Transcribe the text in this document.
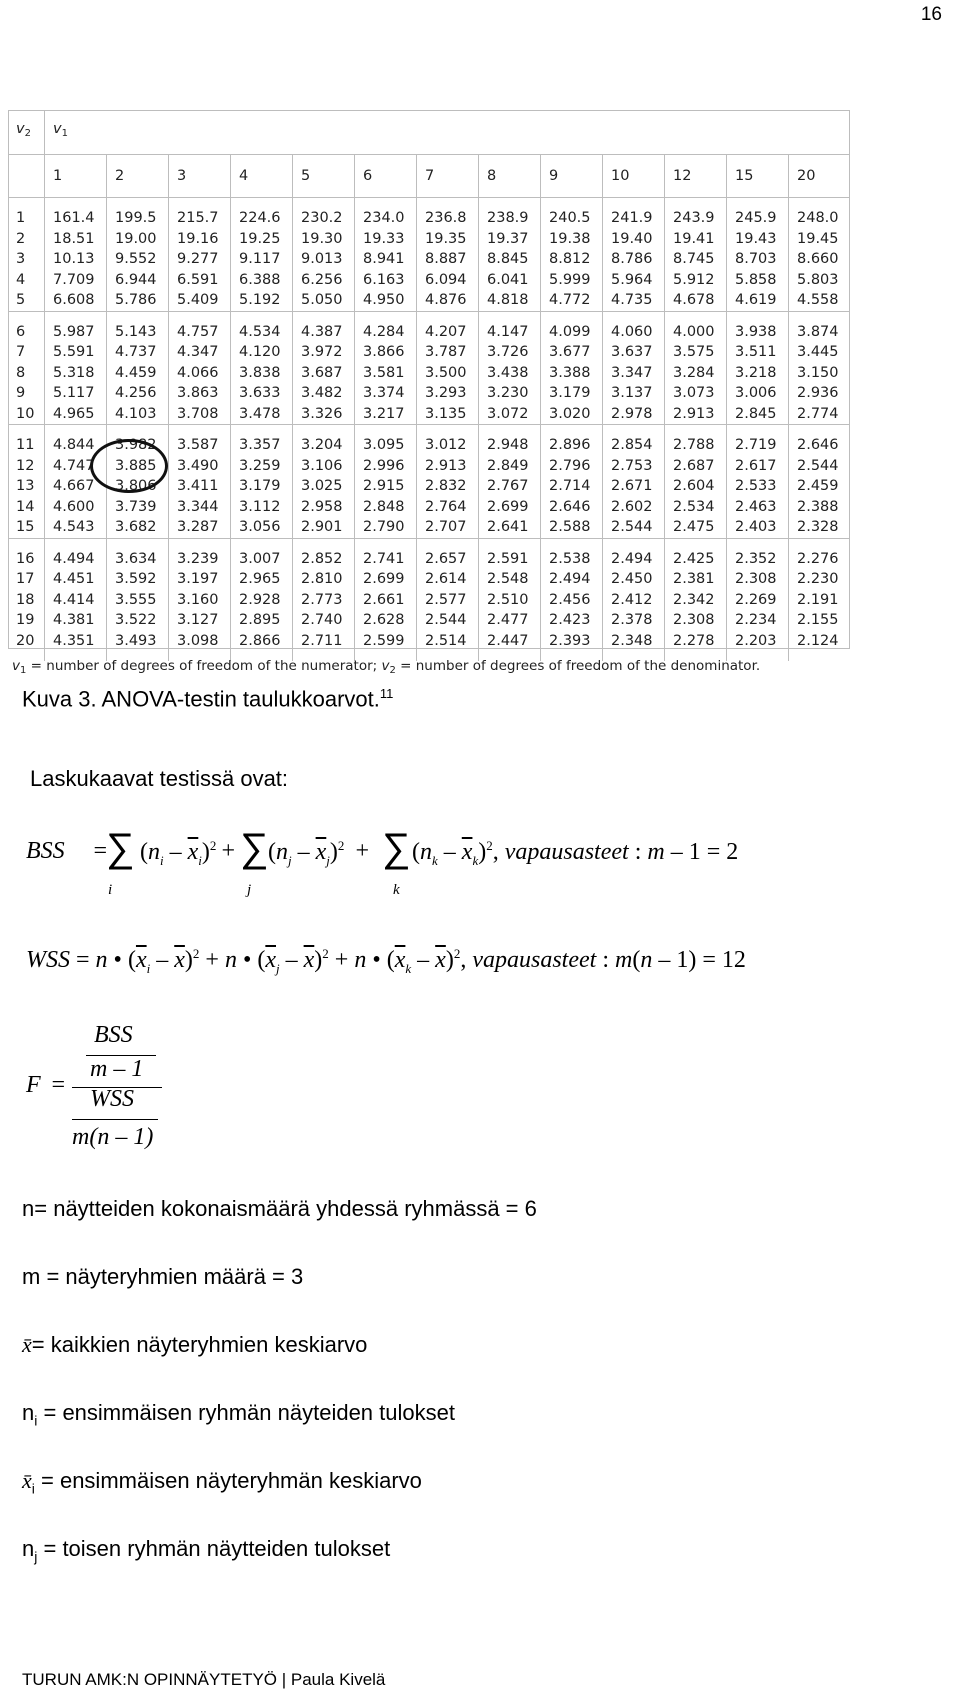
16
$v_2$	$v_1$
	1	2	3	4	5	6	7	8	9	10	12	15	20

1	161.4	199.5	215.7	224.6	230.2	234.0	236.8	238.9	240.5	241.9	243.9	245.9	248.0
2	18.51	19.00	19.16	19.25	19.30	19.33	19.35	19.37	19.38	19.40	19.41	19.43	19.45
3	10.13	9.552	9.277	9.117	9.013	8.941	8.887	8.845	8.812	8.786	8.745	8.703	8.660
4	7.709	6.944	6.591	6.388	6.256	6.163	6.094	6.041	5.999	5.964	5.912	5.858	5.803
5	6.608	5.786	5.409	5.192	5.050	4.950	4.876	4.818	4.772	4.735	4.678	4.619	4.558

6	5.987	5.143	4.757	4.534	4.387	4.284	4.207	4.147	4.099	4.060	4.000	3.938	3.874
7	5.591	4.737	4.347	4.120	3.972	3.866	3.787	3.726	3.677	3.637	3.575	3.511	3.445
8	5.318	4.459	4.066	3.838	3.687	3.581	3.500	3.438	3.388	3.347	3.284	3.218	3.150
9	5.117	4.256	3.863	3.633	3.482	3.374	3.293	3.230	3.179	3.137	3.073	3.006	2.936
10	4.965	4.103	3.708	3.478	3.326	3.217	3.135	3.072	3.020	2.978	2.913	2.845	2.774

11	4.844	3.982	3.587	3.357	3.204	3.095	3.012	2.948	2.896	2.854	2.788	2.719	2.646
12	4.747	3.885	3.490	3.259	3.106	2.996	2.913	2.849	2.796	2.753	2.687	2.617	2.544
13	4.667	3.806	3.411	3.179	3.025	2.915	2.832	2.767	2.714	2.671	2.604	2.533	2.459
14	4.600	3.739	3.344	3.112	2.958	2.848	2.764	2.699	2.646	2.602	2.534	2.463	2.388
15	4.543	3.682	3.287	3.056	2.901	2.790	2.707	2.641	2.588	2.544	2.475	2.403	2.328

16	4.494	3.634	3.239	3.007	2.852	2.741	2.657	2.591	2.538	2.494	2.425	2.352	2.276
17	4.451	3.592	3.197	2.965	2.810	2.699	2.614	2.548	2.494	2.450	2.381	2.308	2.230
18	4.414	3.555	3.160	2.928	2.773	2.661	2.577	2.510	2.456	2.412	2.342	2.269	2.191
19	4.381	3.522	3.127	2.895	2.740	2.628	2.544	2.477	2.423	2.378	2.308	2.234	2.155
20	4.351	3.493	3.098	2.866	2.711	2.599	2.514	2.447	2.393	2.348	2.278	2.203	2.124

$v_1$ = number of degrees of freedom of the numerator; $v_2$ = number of degrees of freedom of the denominator.
Kuva 3. ANOVA-testin taulukkoarvot.$^{11}$
Laskukaavat testissä ovat:
BSS =
∑
i
$(n_i - \overline{x}_i)^2$ + ∑
j
$(n_j - \overline{x}_j)^2$ + ∑
k
$(n_k - \overline{x}_k)^2$, vapausasteet : m – 1 = 2
WSS = n • $(\overline{x}_i - \overline{x})^2 + n$ • $(\overline{x}_j - \overline{x})^2 + n$ • $(\overline{x}_k - \overline{x})^2$, vapausasteet : m(n – 1) = 12
F =
BSS
m – 1
WSS
m(n – 1)
n= näytteiden kokonaismäärä yhdessä ryhmässä = 6
m = näyteryhmien määrä = 3
x̄= kaikkien näyteryhmien keskiarvo
$n_i$ = ensimmäisen ryhmän näyteiden tulokset
$x̄_i$ = ensimmäisen näyteryhmän keskiarvo
$n_j$ = toisen ryhmän näytteiden tulokset
TURUN AMK:N OPINNÄYTETYÖ | Paula Kivelä
